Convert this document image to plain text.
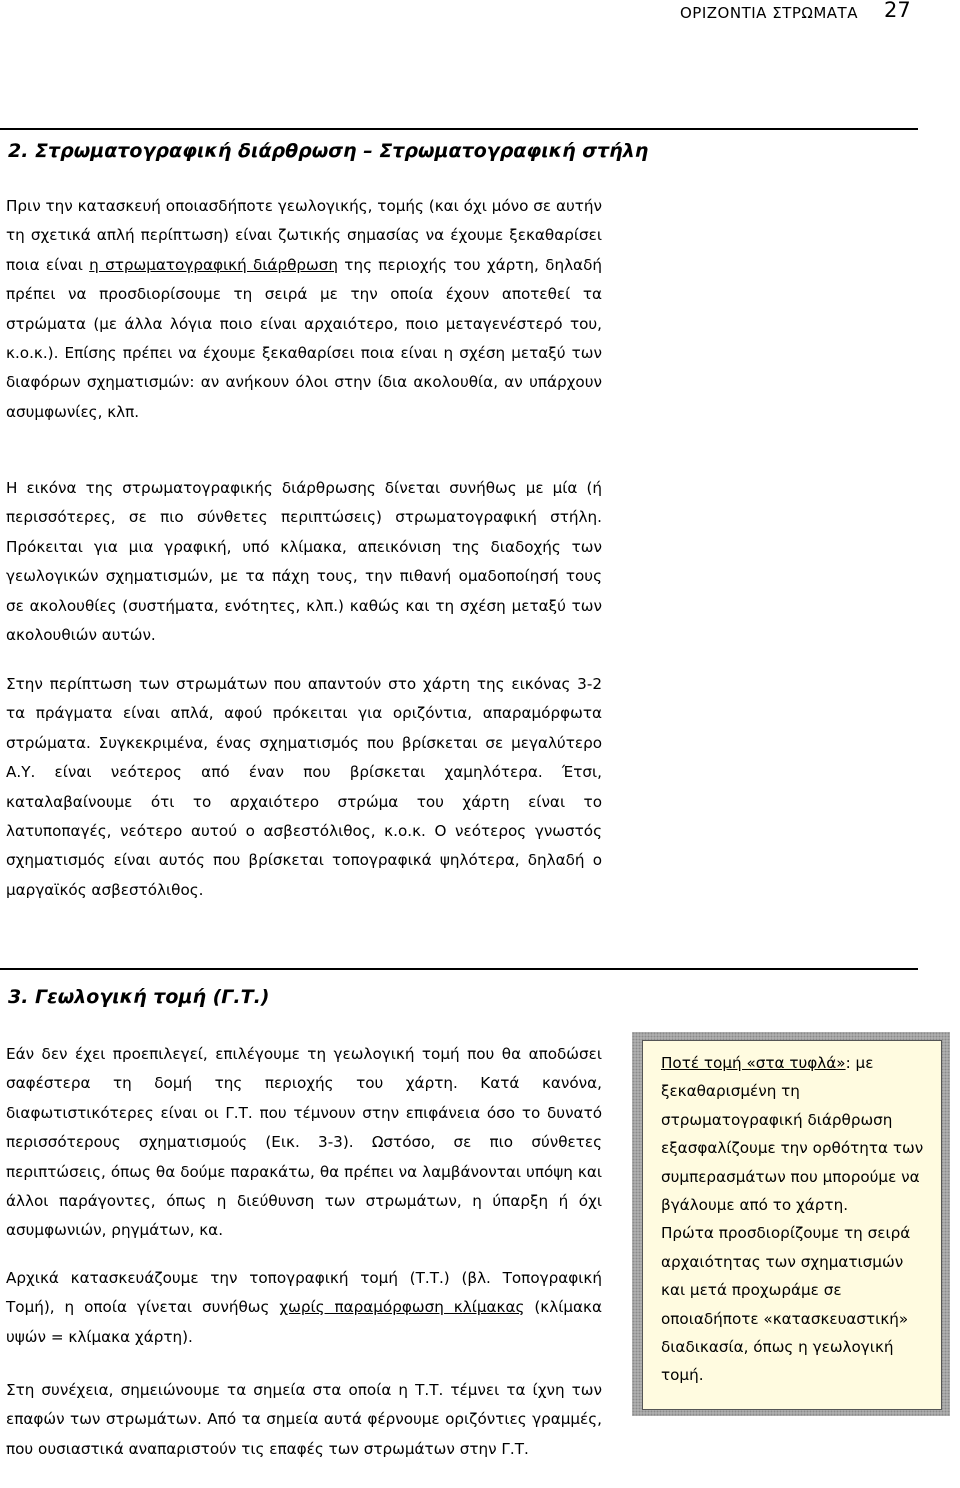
ΟΡΙΖΟΝΤΙΑ ΣΤΡΩΜΑΤΑ 27
2. Στρωματογραφική διάρθρωση – Στρωματογραφική στήλη

Πριν την κατασκευή οποιασδήποτε γεωλογικής, τομής (και όχι μόνο σε αυτήν τη σχετικά απλή περίπτωση) είναι ζωτικής σημασίας να έχουμε ξεκαθαρίσει ποια είναι η στρωματογραφική διάρθρωση της περιοχής του χάρτη, δηλαδή πρέπει να προσδιορίσουμε τη σειρά με την οποία έχουν αποτεθεί τα στρώματα (με άλλα λόγια ποιο είναι αρχαιότερο, ποιο μεταγενέστερό του, κ.ο.κ.). Επίσης πρέπει να έχουμε ξεκαθαρίσει ποια είναι η σχέση μεταξύ των διαφόρων σχηματισμών: αν ανήκουν όλοι στην ίδια ακολουθία, αν υπάρχουν ασυμφωνίες, κλπ.

Η εικόνα της στρωματογραφικής διάρθρωσης δίνεται συνήθως με μία (ή περισσότερες, σε πιο σύνθετες περιπτώσεις) στρωματογραφική στήλη. Πρόκειται για μια γραφική, υπό κλίμακα, απεικόνιση της διαδοχής των γεωλογικών σχηματισμών, με τα πάχη τους, την πιθανή ομαδοποίησή τους σε ακολουθίες (συστήματα, ενότητες, κλπ.) καθώς και τη σχέση μεταξύ των ακολουθιών αυτών.

Στην περίπτωση των στρωμάτων που απαντούν στο χάρτη της εικόνας 3-2 τα πράγματα είναι απλά, αφού πρόκειται για οριζόντια, απαραμόρφωτα στρώματα. Συγκεκριμένα, ένας σχηματισμός που βρίσκεται σε μεγαλύτερο Α.Υ. είναι νεότερος από έναν που βρίσκεται χαμηλότερα. Έτσι, καταλαβαίνουμε ότι το αρχαιότερο στρώμα του χάρτη είναι το λατυποπαγές, νεότερο αυτού ο ασβεστόλιθος, κ.ο.κ. Ο νεότερος γνωστός σχηματισμός είναι αυτός που βρίσκεται τοπογραφικά ψηλότερα, δηλαδή ο μαργαϊκός ασβεστόλιθος.

3. Γεωλογική τομή (Γ.Τ.)

Εάν δεν έχει προεπιλεγεί, επιλέγουμε τη γεωλογική τομή που θα αποδώσει σαφέστερα τη δομή της περιοχής του χάρτη. Κατά κανόνα, διαφωτιστικότερες είναι οι Γ.Τ. που τέμνουν στην επιφάνεια όσο το δυνατό περισσότερους σχηματισμούς (Εικ. 3-3). Ωστόσο, σε πιο σύνθετες περιπτώσεις, όπως θα δούμε παρακάτω, θα πρέπει να λαμβάνονται υπόψη και άλλοι παράγοντες, όπως η διεύθυνση των στρωμάτων, η ύπαρξη ή όχι ασυμφωνιών, ρηγμάτων, κα.

Αρχικά κατασκευάζουμε την τοπογραφική τομή (Τ.Τ.) (βλ. Τοπογραφική Τομή), η οποία γίνεται συνήθως χωρίς παραμόρφωση κλίμακας (κλίμακα υψών = κλίμακα χάρτη).

Στη συνέχεια, σημειώνουμε τα σημεία στα οποία η Τ.Τ. τέμνει τα ίχνη των επαφών των στρωμάτων. Από τα σημεία αυτά φέρνουμε οριζόντιες γραμμές, που ουσιαστικά αναπαριστούν τις επαφές των στρωμάτων στην Γ.Τ.

Ποτέ τομή «στα τυφλά»: με ξεκαθαρισμένη τη στρωματογραφική διάρθρωση εξασφαλίζουμε την ορθότητα των συμπερασμάτων που μπορούμε να βγάλουμε από το χάρτη.

Πρώτα προσδιορίζουμε τη σειρά αρχαιότητας των σχηματισμών και μετά προχωράμε σε οποιαδήποτε «κατασκευαστική» διαδικασία, όπως η γεωλογική τομή.
